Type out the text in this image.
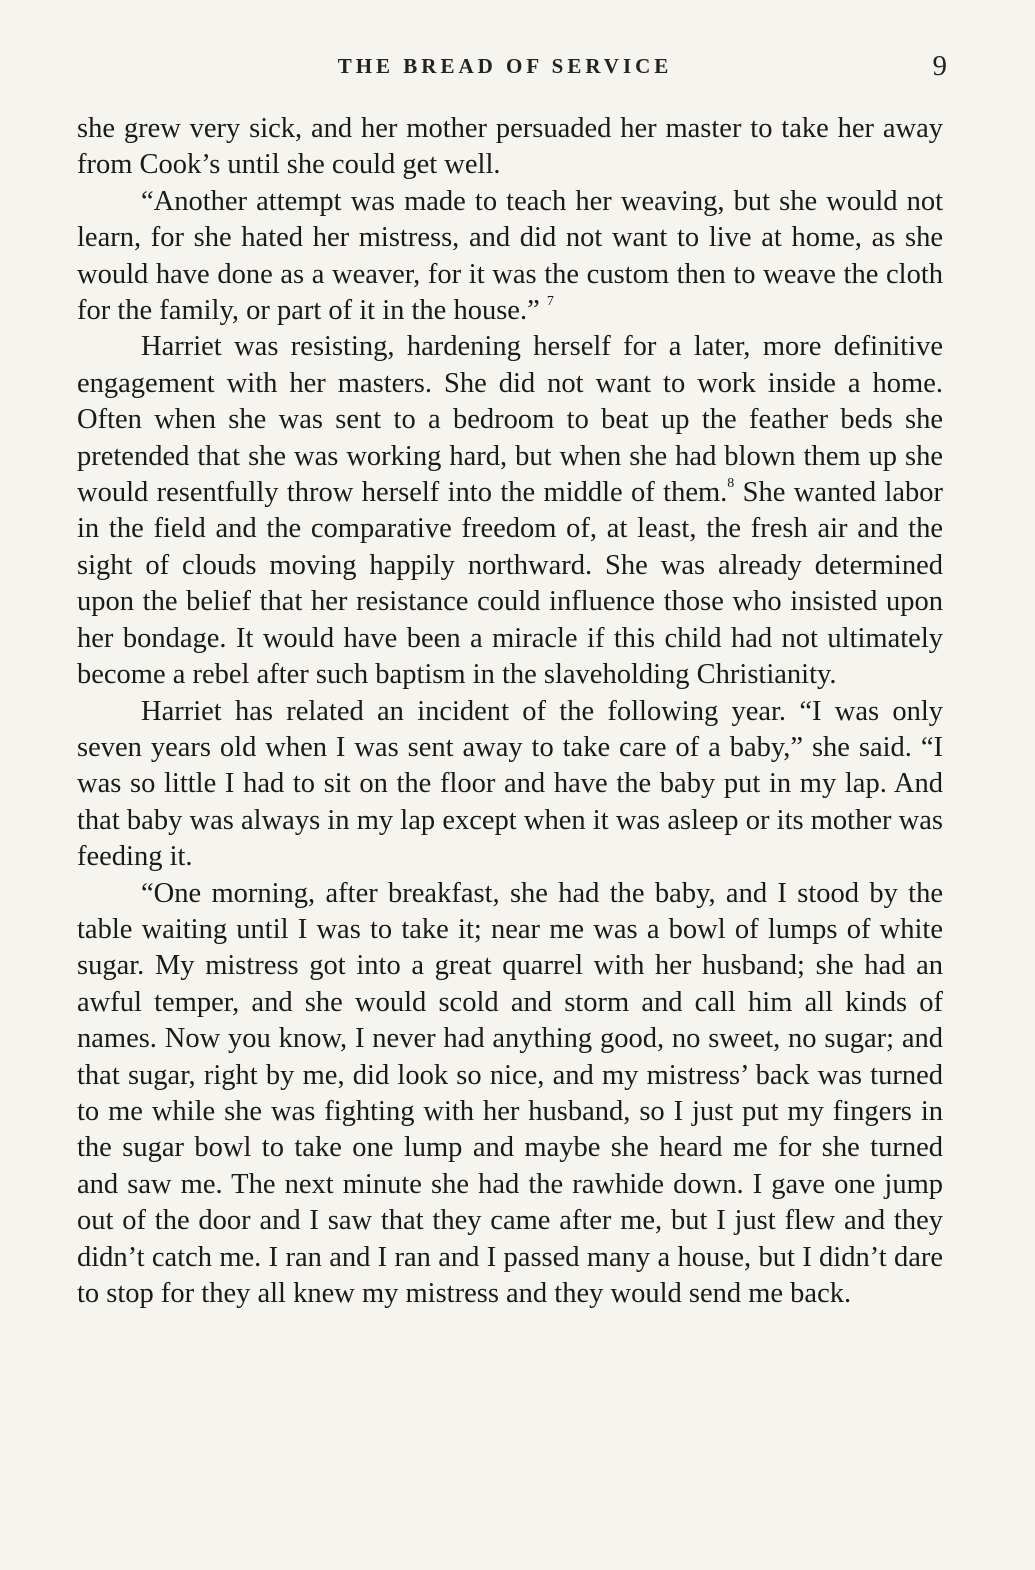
THE BREAD OF SERVICE	9

she grew very sick, and her mother persuaded her master to take her away from Cook’s until she could get well.

“Another attempt was made to teach her weaving, but she would not learn, for she hated her mistress, and did not want to live at home, as she would have done as a weaver, for it was the custom then to weave the cloth for the family, or part of it in the house.” $^7$

Harriet was resisting, hardening herself for a later, more definitive engagement with her masters. She did not want to work inside a home. Often when she was sent to a bedroom to beat up the feather beds she pretended that she was working hard, but when she had blown them up she would resentfully throw herself into the middle of them.$^8$ She wanted labor in the field and the comparative freedom of, at least, the fresh air and the sight of clouds moving happily northward. She was already determined upon the belief that her resistance could influence those who insisted upon her bondage. It would have been a miracle if this child had not ultimately become a rebel after such baptism in the slaveholding Christianity.

Harriet has related an incident of the following year. “I was only seven years old when I was sent away to take care of a baby,” she said. “I was so little I had to sit on the floor and have the baby put in my lap. And that baby was always in my lap except when it was asleep or its mother was feeding it.

“One morning, after breakfast, she had the baby, and I stood by the table waiting until I was to take it; near me was a bowl of lumps of white sugar. My mistress got into a great quarrel with her husband; she had an awful temper, and she would scold and storm and call him all kinds of names. Now you know, I never had anything good, no sweet, no sugar; and that sugar, right by me, did look so nice, and my mistress’ back was turned to me while she was fighting with her husband, so I just put my fingers in the sugar bowl to take one lump and maybe she heard me for she turned and saw me. The next minute she had the rawhide down. I gave one jump out of the door and I saw that they came after me, but I just flew and they didn’t catch me. I ran and I ran and I passed many a house, but I didn’t dare to stop for they all knew my mistress and they would send me back.
